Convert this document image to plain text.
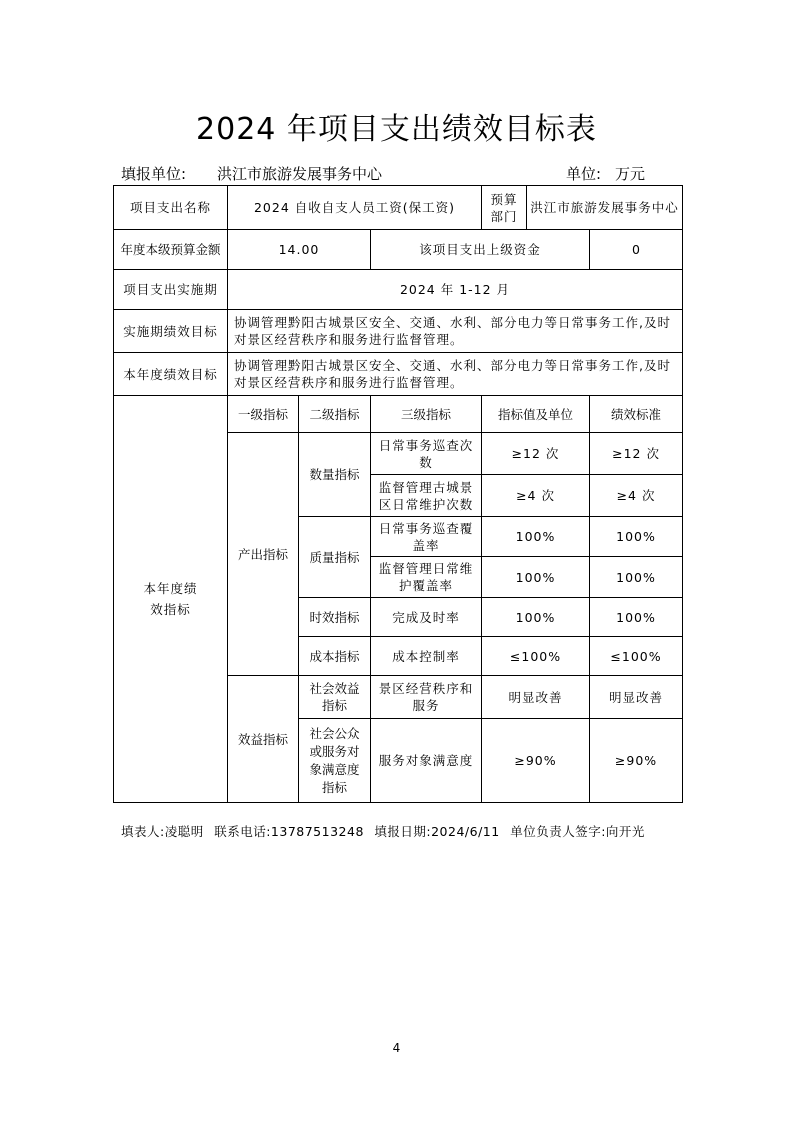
2024 年项目支出绩效目标表
填报单位: 洪江市旅游发展事务中心	单位: 万元
项目支出名称	2024 自收自支人员工资(保工资)			预算部门	洪江市旅游发展事务中心	
年度本级预算金额	14.00		该项目支出上级资金			0
项目支出实施期	2024 年 1-12 月					
实施期绩效目标	协调管理黔阳古城景区安全、交通、水利、部分电力等日常事务工作,及时对景区经营秩序和服务进行监督管理。					
本年度绩效目标	协调管理黔阳古城景区安全、交通、水利、部分电力等日常事务工作,及时对景区经营秩序和服务进行监督管理。					

本年度绩效指标	一级指标	二级指标	三级指标	指标值及单位		绩效标准
	产出指标	数量指标	日常事务巡查次数	≥12 次		≥12 次
			监督管理古城景区日常维护次数	≥4 次		≥4 次
		质量指标	日常事务巡查覆盖率	100%		100%
			监督管理日常维护覆盖率	100%		100%
		时效指标	完成及时率	100%		100%
		成本指标	成本控制率	≤100%		≤100%
	效益指标	社会效益指标	景区经营秩序和服务	明显改善		明显改善

		社会公众或服务对象满意度指标	服务对象满意度	≥90%		≥90%
填表人:凌聪明 联系电话:13787513248 填报日期:2024/6/11 单位负责人签字:向开光
4
